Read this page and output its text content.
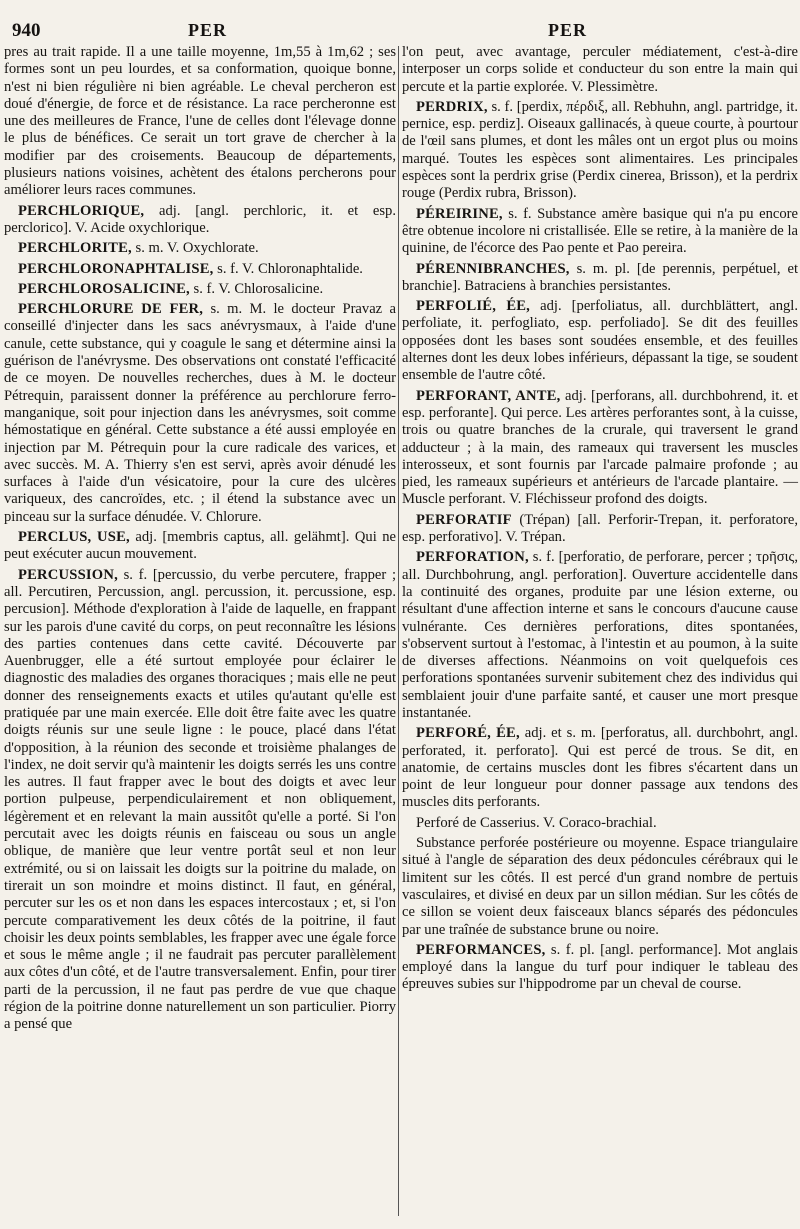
940	PER	PER

pres au trait rapide. Il a une taille moyenne, 1m,55 à 1m,62 ; ses formes sont un peu lourdes, et sa conformation, quoique bonne, n'est ni bien régulière ni bien agréable. Le cheval percheron est doué d'énergie, de force et de résistance. La race percheronne est une des meilleures de France, l'une de celles dont l'élevage donne le plus de bénéfices. Ce serait un tort grave de chercher à la modifier par des croisements. Beaucoup de départements, plusieurs nations voisines, achètent des étalons percherons pour améliorer leurs races communes.

PERCHLORIQUE, adj. [angl. perchloric, it. et esp. perclorico]. V. Acide oxychlorique.

PERCHLORITE, s. m. V. Oxychlorate.

PERCHLORONAPHTALISE, s. f. V. Chloronaphtalide.

PERCHLOROSALICINE, s. f. V. Chlorosalicine.

PERCHLORURE DE FER, s. m. M. le docteur Pravaz a conseillé d'injecter dans les sacs anévrysmaux, à l'aide d'une canule, cette substance, qui y coagule le sang et détermine ainsi la guérison de l'anévrysme. Des observations ont constaté l'efficacité de ce moyen. De nouvelles recherches, dues à M. le docteur Pétrequin, paraissent donner la préférence au perchlorure ferro-manganique, soit pour injection dans les anévrysmes, soit comme hémostatique en général. Cette substance a été aussi employée en injection par M. Pétrequin pour la cure radicale des varices, et avec succès. M. A. Thierry s'en est servi, après avoir dénudé les surfaces à l'aide d'un vésicatoire, pour la cure des ulcères variqueux, des cancroïdes, etc. ; il étend la substance avec un pinceau sur la surface dénudée. V. Chlorure.

PERCLUS, USE, adj. [membris captus, all. gelähmt]. Qui ne peut exécuter aucun mouvement.

PERCUSSION, s. f. [percussio, du verbe percutere, frapper ; all. Percutiren, Percussion, angl. percussion, it. percussione, esp. percusion]. Méthode d'exploration à l'aide de laquelle, en frappant sur les parois d'une cavité du corps, on peut reconnaître les lésions des parties contenues dans cette cavité. Découverte par Auenbrugger, elle a été surtout employée pour éclairer le diagnostic des maladies des organes thoraciques ; mais elle ne peut donner des renseignements exacts et utiles qu'autant qu'elle est pratiquée par une main exercée. Elle doit être faite avec les quatre doigts réunis sur une seule ligne : le pouce, placé dans l'état d'opposition, à la réunion des seconde et troisième phalanges de l'index, ne doit servir qu'à maintenir les doigts serrés les uns contre les autres. Il faut frapper avec le bout des doigts et avec leur portion pulpeuse, perpendiculairement et non obliquement, légèrement et en relevant la main aussitôt qu'elle a porté. Si l'on percutait avec les doigts réunis en faisceau ou sous un angle oblique, de manière que leur ventre portât seul et non leur extrémité, ou si on laissait les doigts sur la poitrine du malade, on tirerait un son moindre et moins distinct. Il faut, en général, percuter sur les os et non dans les espaces intercostaux ; et, si l'on percute comparativement les deux côtés de la poitrine, il faut choisir les deux points semblables, les frapper avec une égale force et sous le même angle ; il ne faudrait pas percuter parallèlement aux côtes d'un côté, et de l'autre transversalement. Enfin, pour tirer parti de la percussion, il ne faut pas perdre de vue que chaque région de la poitrine donne naturellement un son particulier. Piorry a pensé que

l'on peut, avec avantage, perculer médiatement, c'est-à-dire interposer un corps solide et conducteur du son entre la main qui percute et la partie explorée. V. Plessimètre.

PERDRIX, s. f. [perdix, πέρδιξ, all. Rebhuhn, angl. partridge, it. pernice, esp. perdiz]. Oiseaux gallinacés, à queue courte, à pourtour de l'œil sans plumes, et dont les mâles ont un ergot plus ou moins marqué. Toutes les espèces sont alimentaires. Les principales espèces sont la perdrix grise (Perdix cinerea, Brisson), et la perdrix rouge (Perdix rubra, Brisson).

PÉREIRINE, s. f. Substance amère basique qui n'a pu encore être obtenue incolore ni cristallisée. Elle se retire, à la manière de la quinine, de l'écorce des Pao pente et Pao pereira.

PÉRENNIBRANCHES, s. m. pl. [de perennis, perpétuel, et branchie]. Batraciens à branchies persistantes.

PERFOLIÉ, ÉE, adj. [perfoliatus, all. durchblättert, angl. perfoliate, it. perfogliato, esp. perfoliado]. Se dit des feuilles opposées dont les bases sont soudées ensemble, et des feuilles alternes dont les deux lobes inférieurs, dépassant la tige, se soudent ensemble de l'autre côté.

PERFORANT, ANTE, adj. [perforans, all. durchbohrend, it. et esp. perforante]. Qui perce. Les artères perforantes sont, à la cuisse, trois ou quatre branches de la crurale, qui traversent le grand adducteur ; à la main, des rameaux qui traversent les muscles interosseux, et sont fournis par l'arcade palmaire profonde ; au pied, les rameaux supérieurs et antérieurs de l'arcade plantaire. — Muscle perforant. V. Fléchisseur profond des doigts.

PERFORATIF (Trépan) [all. Perforir-Trepan, it. perforatore, esp. perforativo]. V. Trépan.

PERFORATION, s. f. [perforatio, de perforare, percer ; τρῆσις, all. Durchbohrung, angl. perforation]. Ouverture accidentelle dans la continuité des organes, produite par une lésion externe, ou résultant d'une affection interne et sans le concours d'aucune cause vulnérante. Ces dernières perforations, dites spontanées, s'observent surtout à l'estomac, à l'intestin et au poumon, à la suite de diverses affections. Néanmoins on voit quelquefois ces perforations spontanées survenir subitement chez des individus qui semblaient jouir d'une parfaite santé, et causer une mort presque instantanée.

PERFORÉ, ÉE, adj. et s. m. [perforatus, all. durchbohrt, angl. perforated, it. perforato]. Qui est percé de trous. Se dit, en anatomie, de certains muscles dont les fibres s'écartent dans un point de leur longueur pour donner passage aux tendons des muscles dits perforants.

Perforé de Casserius. V. Coraco-brachial.

Substance perforée postérieure ou moyenne. Espace triangulaire situé à l'angle de séparation des deux pédoncules cérébraux qui le limitent sur les côtés. Il est percé d'un grand nombre de pertuis vasculaires, et divisé en deux par un sillon médian. Sur les côtés de ce sillon se voient deux faisceaux blancs séparés des pédoncules par une traînée de substance brune ou noire.

PERFORMANCES, s. f. pl. [angl. performance]. Mot anglais employé dans la langue du turf pour indiquer le tableau des épreuves subies sur l'hippodrome par un cheval de course.
